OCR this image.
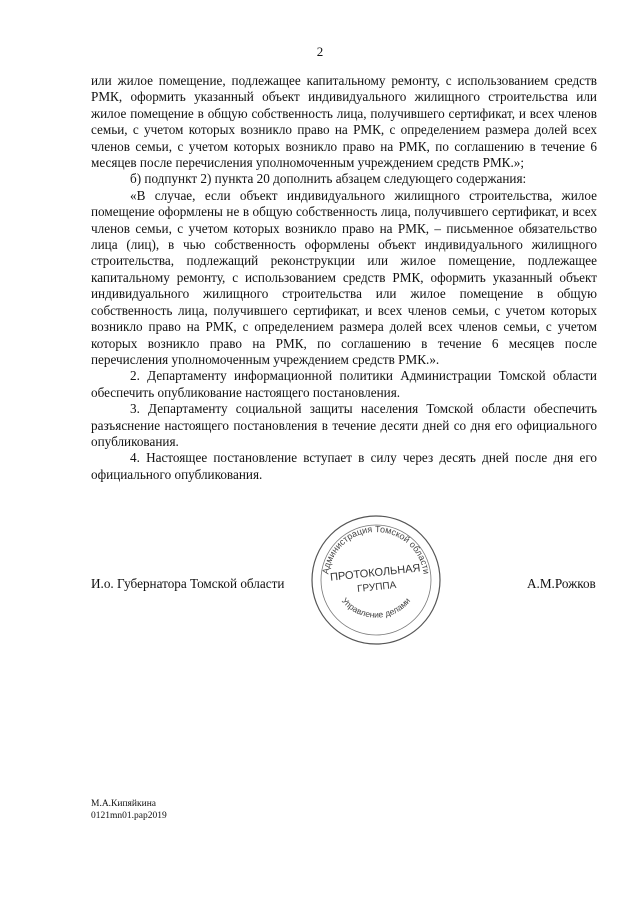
2

или жилое помещение, подлежащее капитальному ремонту, с использованием средств РМК, оформить указанный объект индивидуального жилищного строительства или жилое помещение в общую собственность лица, получившего сертификат, и всех членов семьи, с учетом которых возникло право на РМК, с определением размера долей всех членов семьи, с учетом которых возникло право на РМК, по соглашению в течение 6 месяцев после перечисления уполномоченным учреждением средств РМК.»;

б) подпункт 2) пункта 20 дополнить абзацем следующего содержания:

«В случае, если объект индивидуального жилищного строительства, жилое помещение оформлены не в общую собственность лица, получившего сертификат, и всех членов семьи, с учетом которых возникло право на РМК, – письменное обязательство лица (лиц), в чью собственность оформлены объект индивидуального жилищного строительства, подлежащий реконструкции или жилое помещение, подлежащее капитальному ремонту, с использованием средств РМК, оформить указанный объект индивидуального жилищного строительства или жилое помещение в общую собственность лица, получившего сертификат, и всех членов семьи, с учетом которых возникло право на РМК, с определением размера долей всех членов семьи, с учетом которых возникло право на РМК, по соглашению в течение 6 месяцев после перечисления уполномоченным учреждением средств РМК.».

2. Департаменту информационной политики Администрации Томской области обеспечить опубликование настоящего постановления.

3. Департаменту социальной защиты населения Томской области обеспечить разъяснение настоящего постановления в течение десяти дней со дня его официального опубликования.

4. Настоящее постановление вступает в силу через десять дней после дня его официального опубликования.

И.о. Губернатора Томской области	А.М.Рожков
Администрация Томской области
Управление делами
ПРОТОКОЛЬНАЯ
ГРУППА
М.А.Кипяйкина
0121mn01.pap2019
